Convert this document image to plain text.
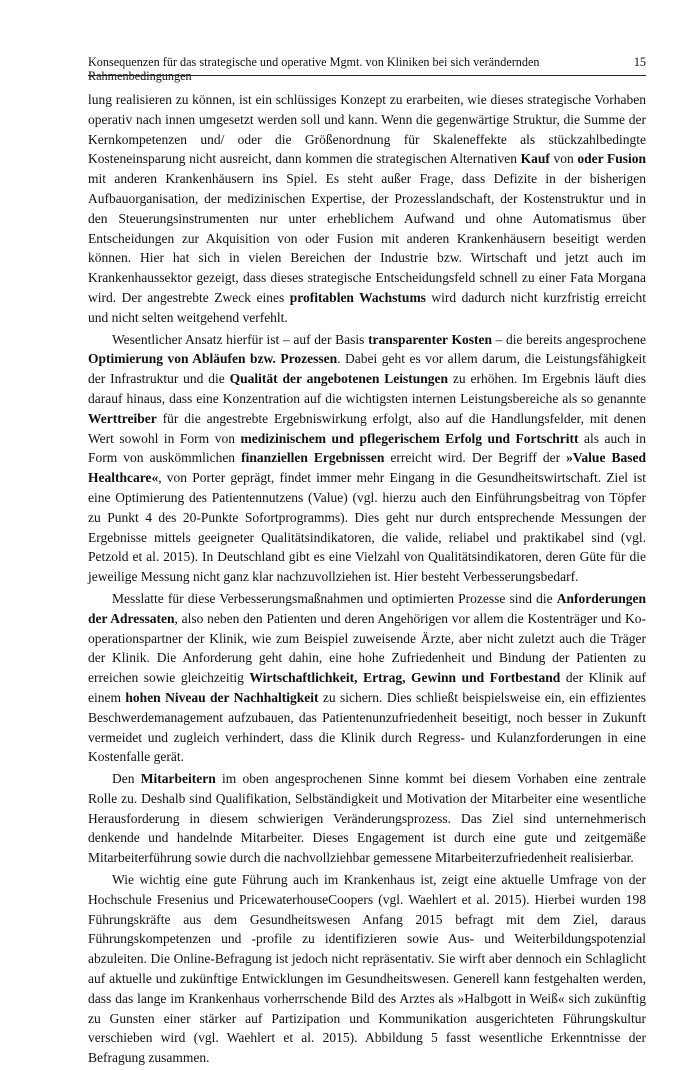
Konsequenzen für das strategische und operative Mgmt. von Kliniken bei sich verändernden Rahmenbedingungen
15

lung realisieren zu können, ist ein schlüssiges Konzept zu erarbeiten, wie dieses strategische Vorhaben operativ nach innen umgesetzt werden soll und kann. Wenn die gegenwärtige Struktur, die Summe der Kernkompetenzen und/ oder die Größenordnung für Skaleneffekte als stückzahlbedingte Kosteneinsparung nicht ausreicht, dann kommen die strategischen Alternativen Kauf von oder Fusion mit anderen Krankenhäusern ins Spiel. Es steht außer Frage, dass Defizite in der bisherigen Aufbauorganisation, der medizinischen Expertise, der Prozesslandschaft, der Kostenstruktur und in den Steuerungsinstrumenten nur unter erheblichem Aufwand und ohne Automatismus über Entscheidungen zur Akquisition von oder Fusion mit anderen Krankenhäusern beseitigt werden können. Hier hat sich in vielen Bereichen der Industrie bzw. Wirtschaft und jetzt auch im Krankenhaussektor gezeigt, dass dieses strategische Entscheidungsfeld schnell zu einer Fata Morgana wird. Der angestrebte Zweck eines profitablen Wachstums wird dadurch nicht kurzfristig erreicht und nicht selten weitgehend verfehlt.

Wesentlicher Ansatz hierfür ist – auf der Basis transparenter Kosten – die bereits angesprochene Optimierung von Abläufen bzw. Prozessen. Dabei geht es vor allem darum, die Leistungsfähigkeit der Infrastruktur und die Qualität der angebotenen Leistungen zu erhöhen. Im Ergebnis läuft dies darauf hinaus, dass eine Konzentration auf die wichtigsten internen Leistungsbereiche als so genannte Werttreiber für die angestrebte Ergebniswirkung erfolgt, also auf die Handlungsfelder, mit denen Wert sowohl in Form von medizinischem und pflegerischem Erfolg und Fortschritt als auch in Form von auskömmlichen finanziellen Ergebnissen erreicht wird. Der Begriff der »Value Based Healthcare«, von Porter geprägt, findet immer mehr Eingang in die Gesundheitswirtschaft. Ziel ist eine Optimierung des Patientennutzens (Value) (vgl. hierzu auch den Einführungsbeitrag von Töpfer zu Punkt 4 des 20-Punkte Sofortprogramms). Dies geht nur durch entsprechende Messungen der Ergebnisse mittels geeigneter Qualitätsindikatoren, die valide, reliabel und praktikabel sind (vgl. Petzold et al. 2015). In Deutschland gibt es eine Vielzahl von Qualitätsindikatoren, deren Güte für die jeweilige Messung nicht ganz klar nachzuvollziehen ist. Hier besteht Verbesserungsbedarf.

Messlatte für diese Verbesserungsmaßnahmen und optimierten Prozesse sind die Anforderungen der Adressaten, also neben den Patienten und deren Angehörigen vor allem die Kostenträger und Kooperationspartner der Klinik, wie zum Beispiel zuweisende Ärzte, aber nicht zuletzt auch die Träger der Klinik. Die Anforderung geht dahin, eine hohe Zufriedenheit und Bindung der Patienten zu erreichen sowie gleichzeitig Wirtschaftlichkeit, Ertrag, Gewinn und Fortbestand der Klinik auf einem hohen Niveau der Nachhaltigkeit zu sichern. Dies schließt beispielsweise ein, ein effizientes Beschwerdemanagement aufzubauen, das Patientenunzufriedenheit beseitigt, noch besser in Zukunft vermeidet und zugleich verhindert, dass die Klinik durch Regress- und Kulanzforderungen in eine Kostenfalle gerät.

Den Mitarbeitern im oben angesprochenen Sinne kommt bei diesem Vorhaben eine zentrale Rolle zu. Deshalb sind Qualifikation, Selbständigkeit und Motivation der Mitarbeiter eine wesentliche Herausforderung in diesem schwierigen Veränderungsprozess. Das Ziel sind unternehmerisch denkende und handelnde Mitarbeiter. Dieses Engagement ist durch eine gute und zeitgemäße Mitarbeiterführung sowie durch die nachvollziehbar gemessene Mitarbeiterzufriedenheit realisierbar.

Wie wichtig eine gute Führung auch im Krankenhaus ist, zeigt eine aktuelle Umfrage von der Hochschule Fresenius und PricewaterhouseCoopers (vgl. Waehlert et al. 2015). Hierbei wurden 198 Führungskräfte aus dem Gesundheitswesen Anfang 2015 befragt mit dem Ziel, daraus Führungskompetenzen und -profile zu identifizieren sowie Aus- und Weiterbildungspotenzial abzuleiten. Die Online-Befragung ist jedoch nicht repräsentativ. Sie wirft aber dennoch ein Schlaglicht auf aktuelle und zukünftige Entwicklungen im Gesundheitswesen. Generell kann festgehalten werden, dass das lange im Krankenhaus vorherrschende Bild des Arztes als »Halbgott in Weiß« sich zukünftig zu Gunsten einer stärker auf Partizipation und Kommunikation ausgerichteten Führungskultur verschieben wird (vgl. Waehlert et al. 2015). Abbildung 5 fasst wesentliche Erkenntnisse der Befragung zusammen.
